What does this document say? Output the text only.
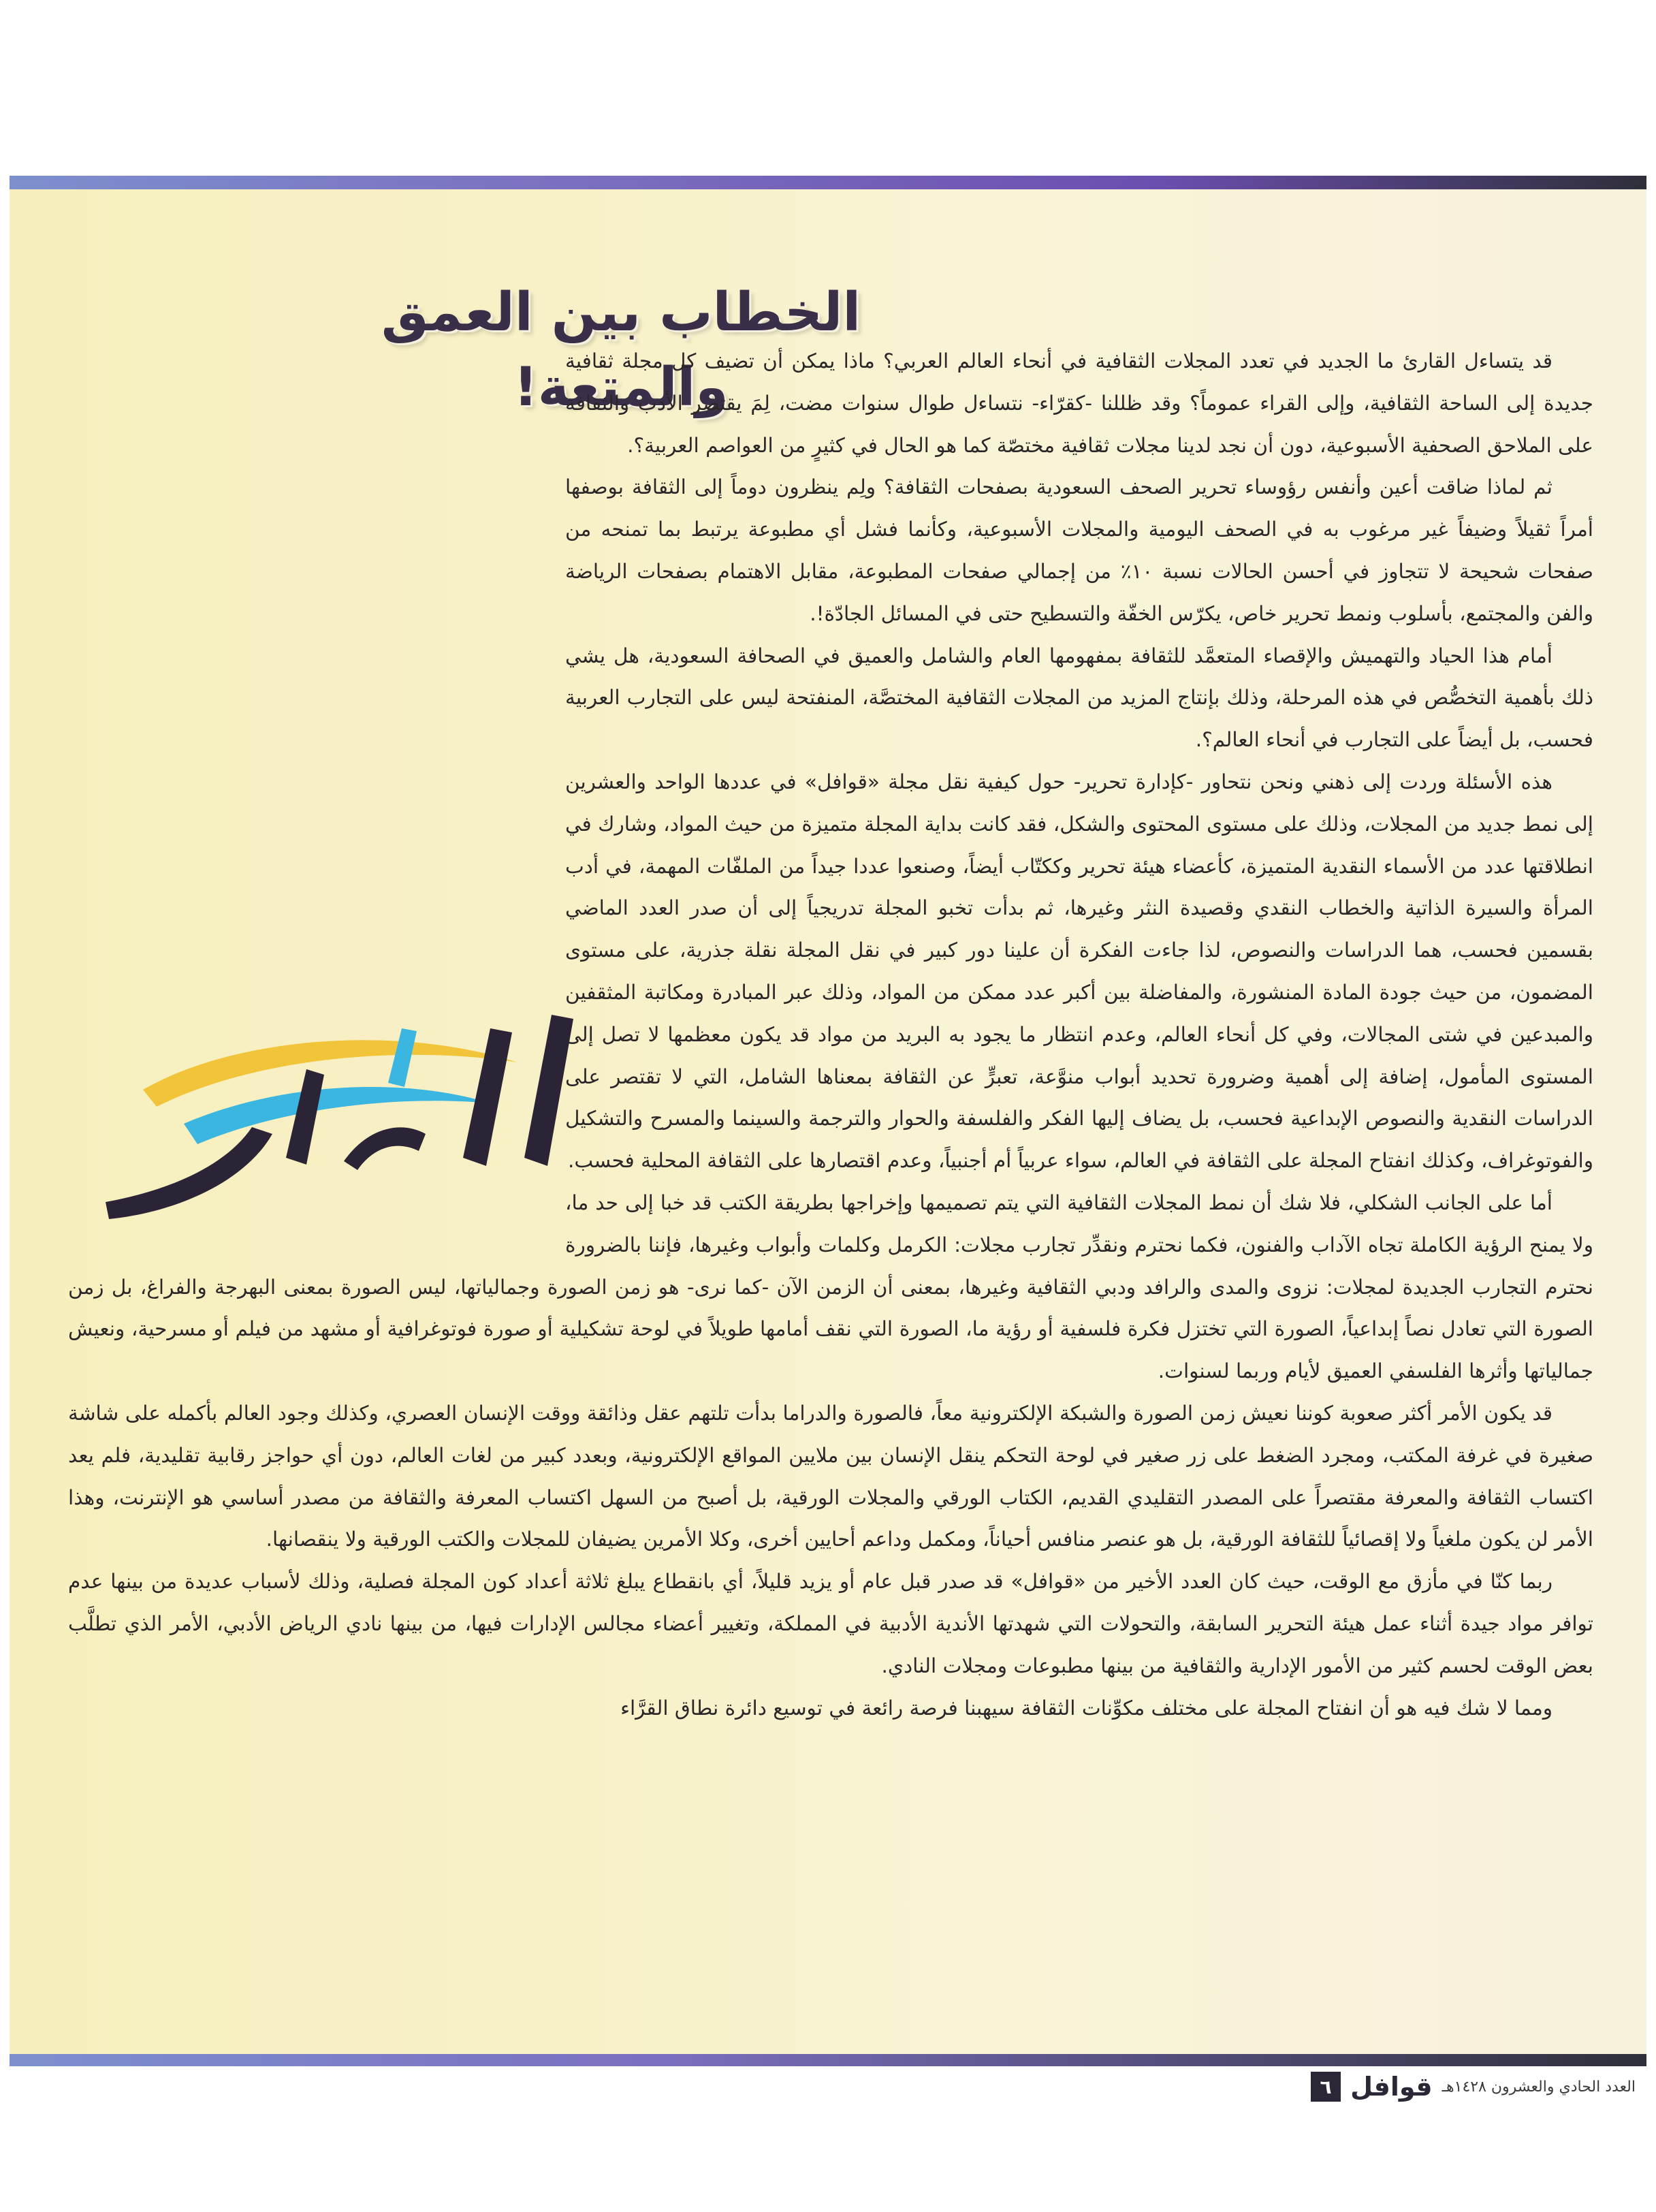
الخطاب بين العمق والمتعة!

قد يتساءل القارئ ما الجديد في تعدد المجلات الثقافية في أنحاء العالم العربي؟ ماذا يمكن أن تضيف كل مجلة ثقافية جديدة إلى الساحة الثقافية، وإلى القراء عموماً؟ وقد ظللنا -كقرّاء- نتساءل طوال سنوات مضت، لِمَ يقتصر الأدب والثقافة على الملاحق الصحفية الأسبوعية، دون أن نجد لدينا مجلات ثقافية مختصّة كما هو الحال في كثيرٍ من العواصم العربية؟.

ثم لماذا ضاقت أعين وأنفس رؤوساء تحرير الصحف السعودية بصفحات الثقافة؟ ولِم ينظرون دوماً إلى الثقافة بوصفها أمراً ثقيلاً وضيفاً غير مرغوب به في الصحف اليومية والمجلات الأسبوعية، وكأنما فشل أي مطبوعة يرتبط بما تمنحه من صفحات شحيحة لا تتجاوز في أحسن الحالات نسبة ١٠٪ من إجمالي صفحات المطبوعة، مقابل الاهتمام بصفحات الرياضة والفن والمجتمع، بأسلوب ونمط تحرير خاص، يكرّس الخفّة والتسطيح حتى في المسائل الجادّة!.

أمام هذا الحياد والتهميش والإقصاء المتعمَّد للثقافة بمفهومها العام والشامل والعميق في الصحافة السعودية، هل يشي ذلك بأهمية التخصُّص في هذه المرحلة، وذلك بإنتاج المزيد من المجلات الثقافية المختصَّة، المنفتحة ليس على التجارب العربية فحسب، بل أيضاً على التجارب في أنحاء العالم؟.

هذه الأسئلة وردت إلى ذهني ونحن نتحاور -كإدارة تحرير- حول كيفية نقل مجلة «قوافل» في عددها الواحد والعشرين إلى نمط جديد من المجلات، وذلك على مستوى المحتوى والشكل، فقد كانت بداية المجلة متميزة من حيث المواد، وشارك في انطلاقتها عدد من الأسماء النقدية المتميزة، كأعضاء هيئة تحرير وككتّاب أيضاً، وصنعوا عددا جيداً من الملفّات المهمة، في أدب المرأة والسيرة الذاتية والخطاب النقدي وقصيدة النثر وغيرها، ثم بدأت تخبو المجلة تدريجياً إلى أن صدر العدد الماضي بقسمين فحسب، هما الدراسات والنصوص، لذا جاءت الفكرة أن علينا دور كبير في نقل المجلة نقلة جذرية، على مستوى المضمون، من حيث جودة المادة المنشورة، والمفاضلة بين أكبر عدد ممكن من المواد، وذلك عبر المبادرة ومكاتبة المثقفين والمبدعين في شتى المجالات، وفي كل أنحاء العالم، وعدم انتظار ما يجود به البريد من مواد قد يكون معظمها لا تصل إلى المستوى المأمول، إضافة إلى أهمية وضرورة تحديد أبواب منوَّعة، تعبرٍّ عن الثقافة بمعناها الشامل، التي لا تقتصر على الدراسات النقدية والنصوص الإبداعية فحسب، بل يضاف إليها الفكر والفلسفة والحوار والترجمة والسينما والمسرح والتشكيل والفوتوغراف، وكذلك انفتاح المجلة على الثقافة في العالم، سواء عربياً أم أجنبياً، وعدم اقتصارها على الثقافة المحلية فحسب.

أما على الجانب الشكلي، فلا شك أن نمط المجلات الثقافية التي يتم تصميمها وإخراجها بطريقة الكتب قد خبا إلى حد ما، ولا يمنح الرؤية الكاملة تجاه الآداب والفنون، فكما نحترم ونقدِّر تجارب مجلات: الكرمل وكلمات وأبواب وغيرها، فإننا بالضرورة نحترم التجارب الجديدة لمجلات: نزوى والمدى والرافد ودبي الثقافية وغيرها، بمعنى أن الزمن الآن -كما نرى- هو زمن الصورة وجمالياتها، ليس الصورة بمعنى البهرجة والفراغ، بل زمن الصورة التي تعادل نصاً إبداعياً، الصورة التي تختزل فكرة فلسفية أو رؤية ما، الصورة التي نقف أمامها طويلاً في لوحة تشكيلية أو صورة فوتوغرافية أو مشهد من فيلم أو مسرحية، ونعيش جمالياتها وأثرها الفلسفي العميق لأيام وربما لسنوات.

قد يكون الأمر أكثر صعوبة كوننا نعيش زمن الصورة والشبكة الإلكترونية معاً، فالصورة والدراما بدأت تلتهم عقل وذائقة ووقت الإنسان العصري، وكذلك وجود العالم بأكمله على شاشة صغيرة في غرفة المكتب، ومجرد الضغط على زر صغير في لوحة التحكم ينقل الإنسان بين ملايين المواقع الإلكترونية، وبعدد كبير من لغات العالم، دون أي حواجز رقابية تقليدية، فلم يعد اكتساب الثقافة والمعرفة مقتصراً على المصدر التقليدي القديم، الكتاب الورقي والمجلات الورقية، بل أصبح من السهل اكتساب المعرفة والثقافة من مصدر أساسي هو الإنترنت، وهذا الأمر لن يكون ملغياً ولا إقصائياً للثقافة الورقية، بل هو عنصر منافس أحياناً، ومكمل وداعم أحايين أخرى، وكلا الأمرين يضيفان للمجلات والكتب الورقية ولا ينقصانها.

ربما كنّا في مأزق مع الوقت، حيث كان العدد الأخير من «قوافل» قد صدر قبل عام أو يزيد قليلاً، أي بانقطاع يبلغ ثلاثة أعداد كون المجلة فصلية، وذلك لأسباب عديدة من بينها عدم توافر مواد جيدة أثناء عمل هيئة التحرير السابقة، والتحولات التي شهدتها الأندية الأدبية في المملكة، وتغيير أعضاء مجالس الإدارات فيها، من بينها نادي الرياض الأدبي، الأمر الذي تطلَّب بعض الوقت لحسم كثير من الأمور الإدارية والثقافية من بينها مطبوعات ومجلات النادي.

ومما لا شك فيه هو أن انفتاح المجلة على مختلف مكوِّنات الثقافة سيهبنا فرصة رائعة في توسيع دائرة نطاق القرَّاء

٦ قوافل العدد الحادي والعشرون ١٤٢٨هـ
